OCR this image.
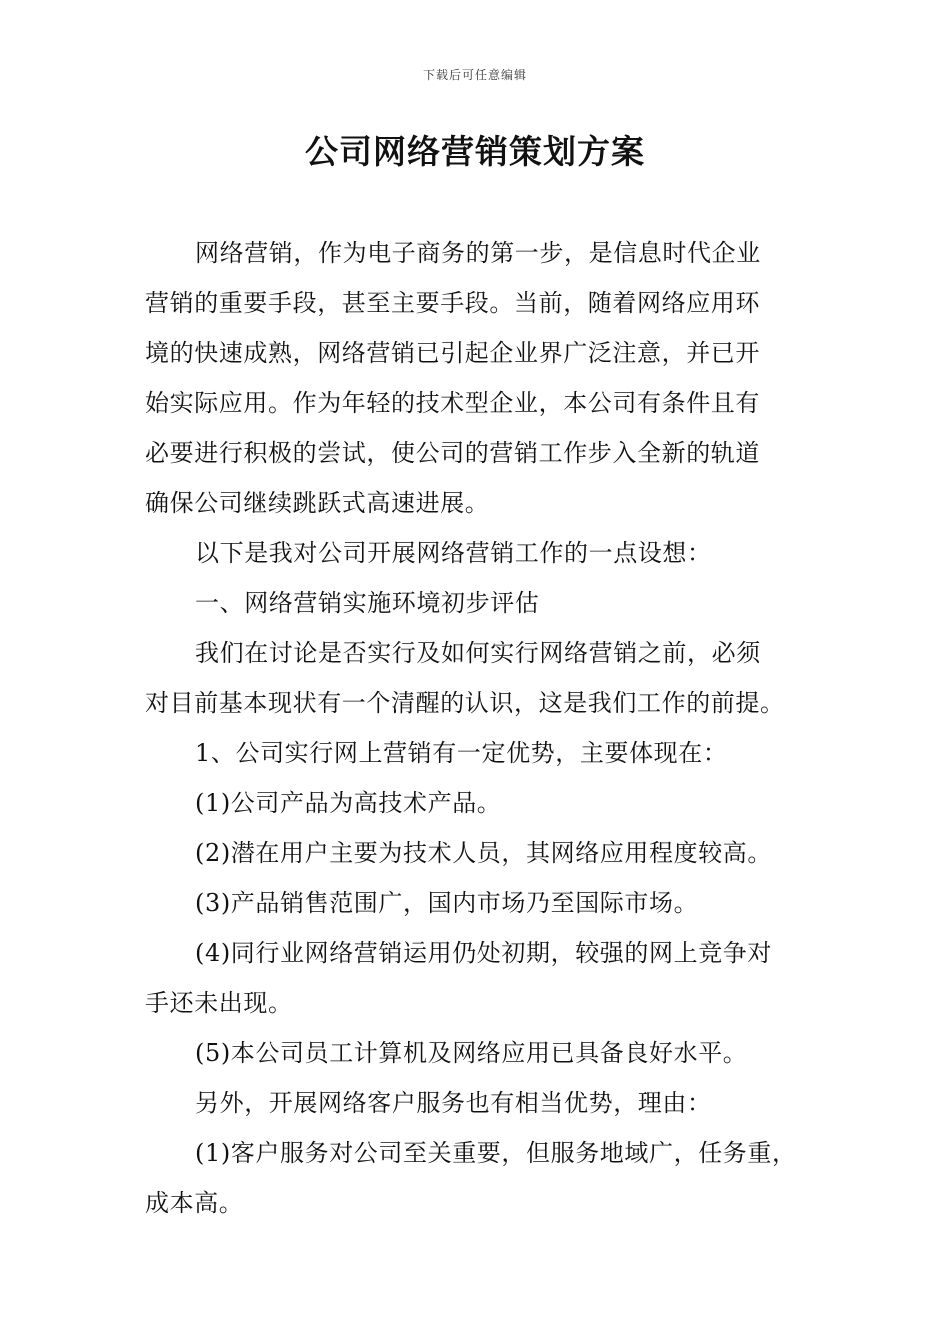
下载后可任意编辑
公司网络营销策划方案
网络营销，作为电子商务的第一步，是信息时代企业
营销的重要手段，甚至主要手段。当前，随着网络应用环
境的快速成熟，网络营销已引起企业界广泛注意，并已开
始实际应用。作为年轻的技术型企业，本公司有条件且有
必要进行积极的尝试，使公司的营销工作步入全新的轨道
确保公司继续跳跃式高速进展。
以下是我对公司开展网络营销工作的一点设想：
一、网络营销实施环境初步评估
我们在讨论是否实行及如何实行网络营销之前，必须
对目前基本现状有一个清醒的认识，这是我们工作的前提。
1、公司实行网上营销有一定优势，主要体现在：
(1)公司产品为高技术产品。
(2)潜在用户主要为技术人员，其网络应用程度较高。
(3)产品销售范围广，国内市场乃至国际市场。
(4)同行业网络营销运用仍处初期，较强的网上竞争对
手还未出现。
(5)本公司员工计算机及网络应用已具备良好水平。
另外，开展网络客户服务也有相当优势，理由：
(1)客户服务对公司至关重要，但服务地域广，任务重，
成本高。
